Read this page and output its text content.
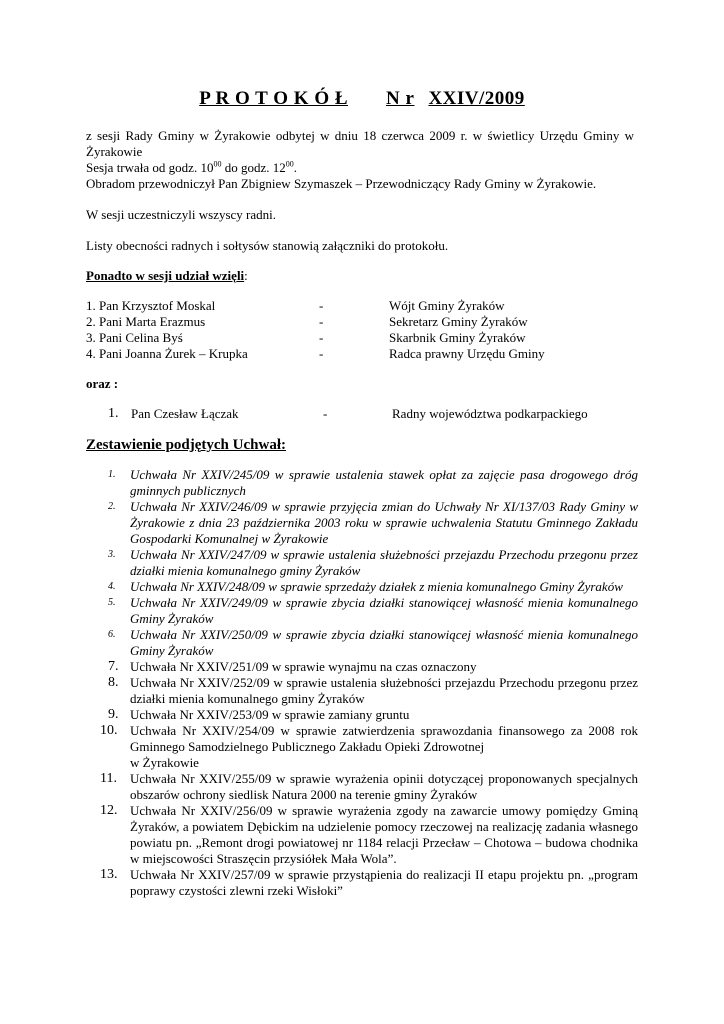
P R O T O K Ó Ł N r XXIV/2009
z sesji Rady Gminy w Żyrakowie odbytej w dniu 18 czerwca 2009 r. w świetlicy Urzędu Gminy w Żyrakowie
Sesja trwała od godz. $10^{00}$ do godz. $12^{00}$.
Obradom przewodniczył Pan Zbigniew Szymaszek – Przewodniczący Rady Gminy w Żyrakowie.
W sesji uczestniczyli wszyscy radni.
Listy obecności radnych i sołtysów stanowią załączniki do protokołu.
Ponadto w sesji udział wzięli:
1. Pan Krzysztof Moskal	-	Wójt Gminy Żyraków
2. Pani Marta Erazmus	-	Sekretarz Gminy Żyraków
3. Pani Celina Byś	-	Skarbnik Gminy Żyraków
4. Pani Joanna Żurek – Krupka	-	Radca prawny Urzędu Gminy
oraz :
1. Pan Czesław Łączak	-	Radny województwa podkarpackiego
Zestawienie podjętych Uchwał:
1.	Uchwała Nr XXIV/245/09 w sprawie ustalenia stawek opłat za zajęcie pasa drogowego dróg gminnych publicznych
2.	Uchwała Nr XXIV/246/09 w sprawie przyjęcia zmian do Uchwały Nr XI/137/03 Rady Gminy w Żyrakowie z dnia 23 października 2003 roku w sprawie uchwalenia Statutu Gminnego Zakładu Gospodarki Komunalnej w Żyrakowie
3.	Uchwała Nr XXIV/247/09 w sprawie ustalenia służebności przejazdu Przechodu przegonu przez działki mienia komunalnego gminy Żyraków
4.	Uchwała Nr XXIV/248/09 w sprawie sprzedaży działek z mienia komunalnego Gminy Żyraków
5.	Uchwała Nr XXIV/249/09 w sprawie zbycia działki stanowiącej własność mienia komunalnego Gminy Żyraków
6.	Uchwała Nr XXIV/250/09 w sprawie zbycia działki stanowiącej własność mienia komunalnego Gminy Żyraków
7. Uchwała Nr XXIV/251/09 w sprawie wynajmu na czas oznaczony
8. Uchwała Nr XXIV/252/09 w sprawie ustalenia służebności przejazdu Przechodu przegonu przez działki mienia komunalnego gminy Żyraków
9. Uchwała Nr XXIV/253/09 w sprawie zamiany gruntu
10. Uchwała Nr XXIV/254/09 w sprawie zatwierdzenia sprawozdania finansowego za 2008 rok Gminnego Samodzielnego Publicznego Zakładu Opieki Zdrowotnej
w Żyrakowie
11. Uchwała Nr XXIV/255/09 w sprawie wyrażenia opinii dotyczącej proponowanych specjalnych obszarów ochrony siedlisk Natura 2000 na terenie gminy Żyraków
12. Uchwała Nr XXIV/256/09 w sprawie wyrażenia zgody na zawarcie umowy pomiędzy Gminą Żyraków, a powiatem Dębickim na udzielenie pomocy rzeczowej na realizację zadania własnego powiatu pn. „Remont drogi powiatowej nr 1184 relacji Przecław – Chotowa – budowa chodnika w miejscowości Straszęcin przysiółek Mała Wola”.
13. Uchwała Nr XXIV/257/09 w sprawie przystąpienia do realizacji II etapu projektu pn. „program poprawy czystości zlewni rzeki Wisłoki”
